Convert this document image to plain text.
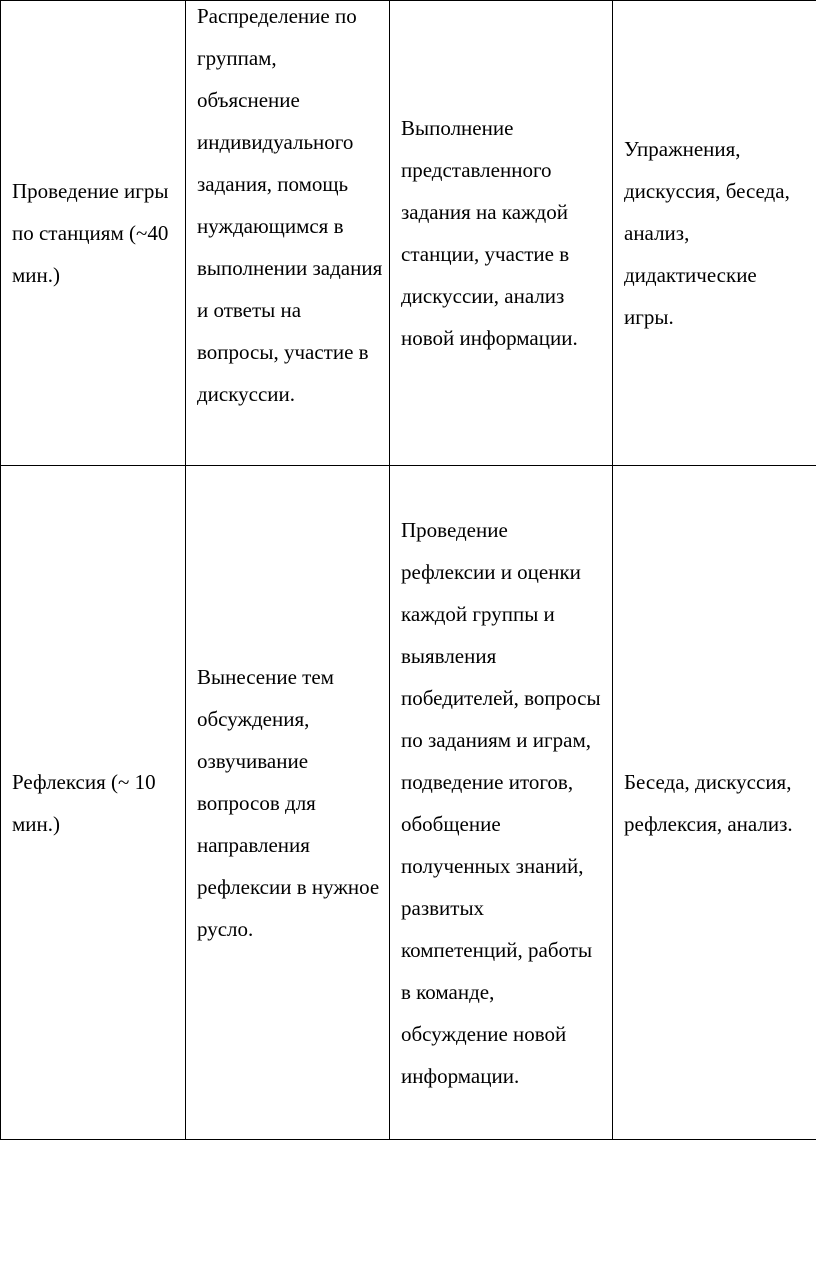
Проведение игры по станциям (~40 мин.)	Распределение по группам, объяснение индивидуального задания, помощь нуждающимся в выполнении задания и ответы на вопросы, участие в дискуссии.	Выполнение представленного задания на каждой станции, участие в дискуссии, анализ новой информации.	Упражнения, дискуссия, беседа, анализ, дидактические игры.

Рефлексия (~ 10 мин.)	Вынесение тем обсуждения, озвучивание вопросов для направления рефлексии в нужное русло.	Проведение рефлексии и оценки каждой группы и выявления победителей, вопросы по заданиям и играм, подведение итогов, обобщение полученных знаний, развитых компетенций, работы в команде, обсуждение новой информации.	Беседа, дискуссия, рефлексия, анализ.
